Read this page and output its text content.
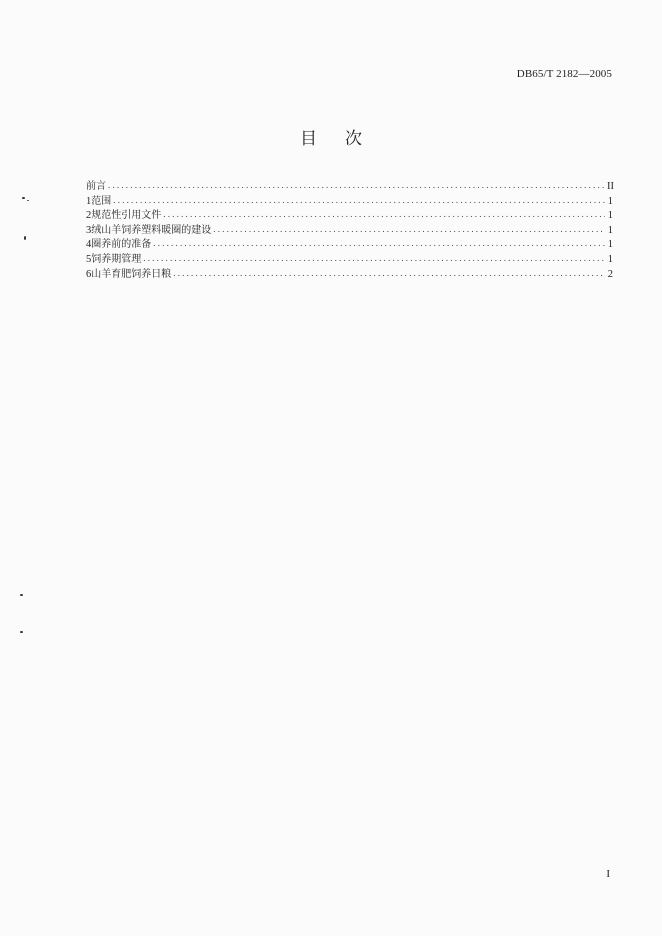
DB65/T 2182—2005
目次
前言 .....	II
1 范围 .....	1
2 规范性引用文件 .....	1
3 绒山羊饲养塑料暖圈的建设 .....	1
4 圈养前的准备 .....	1
5 饲养期管理 .....	1
6 山羊育肥饲养日粮 .....	2
I
